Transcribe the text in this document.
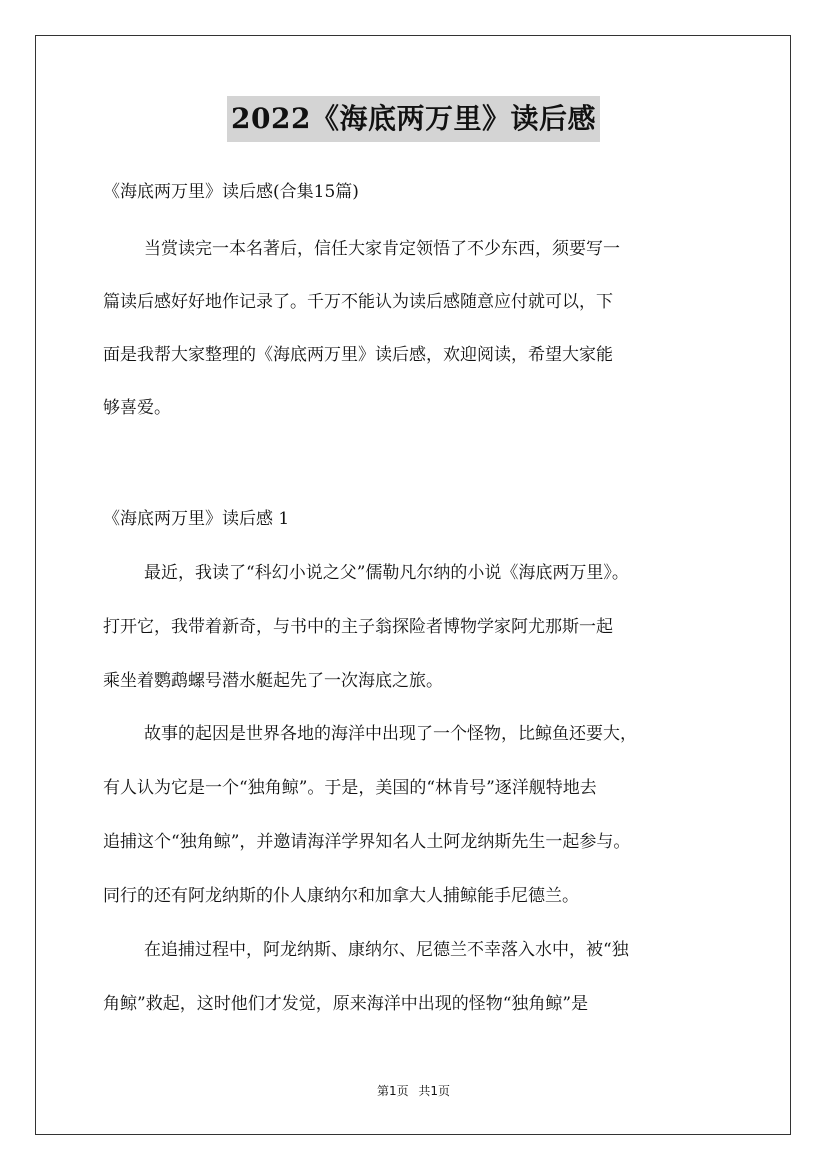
2022《海底两万里》读后感
《海底两万里》读后感(合集15篇)
当赏读完一本名著后，信任大家肯定领悟了不少东西，须要写一
篇读后感好好地作记录了。千万不能认为读后感随意应付就可以，下
面是我帮大家整理的《海底两万里》读后感，欢迎阅读，希望大家能
够喜爱。
《海底两万里》读后感 1
最近，我读了“科幻小说之父”儒勒凡尔纳的小说《海底两万里》。
打开它，我带着新奇，与书中的主子翁探险者博物学家阿尤那斯一起
乘坐着鹦鹉螺号潜水艇起先了一次海底之旅。
故事的起因是世界各地的海洋中出现了一个怪物，比鲸鱼还要大，
有人认为它是一个“独角鲸”。于是，美国的“林肯号”逐洋舰特地去
追捕这个“独角鲸”，并邀请海洋学界知名人土阿龙纳斯先生一起参与。
同行的还有阿龙纳斯的仆人康纳尔和加拿大人捕鲸能手尼德兰。
在追捕过程中，阿龙纳斯、康纳尔、尼德兰不幸落入水中，被“独
角鲸”救起，这时他们才发觉，原来海洋中出现的怪物“独角鲸”是
第1页 共1页
